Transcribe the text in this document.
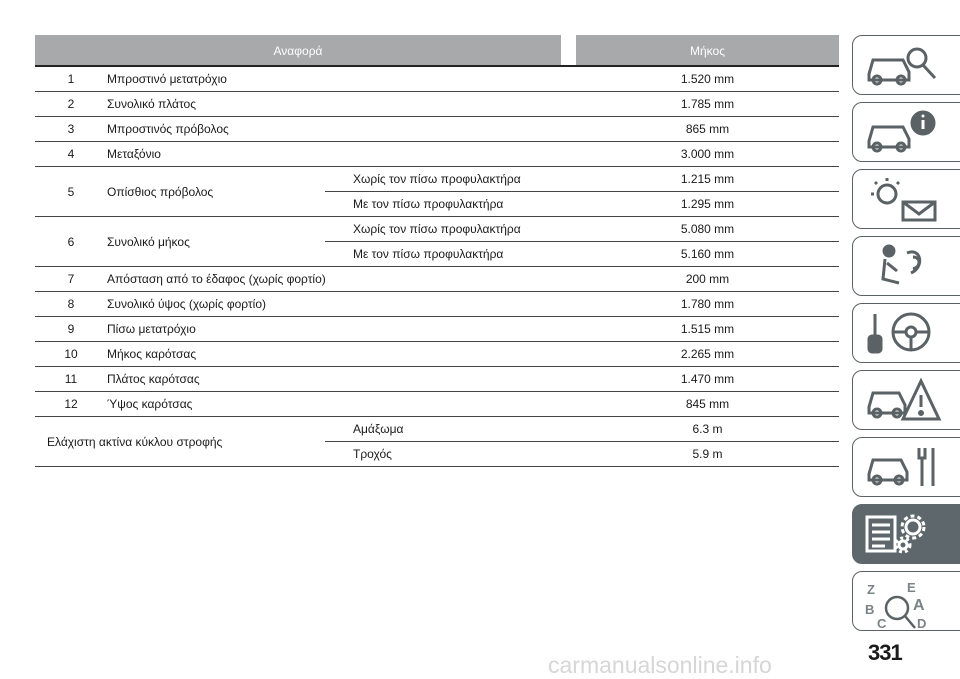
Αναφορά	Μήκος
1	Μπροστινό μετατρόχιο	1.520 mm
2	Συνολικό πλάτος	1.785 mm
3	Μπροστινός πρόβολος	865 mm
4	Μεταξόνιο	3.000 mm
5	Οπίσθιος πρόβολος
Χωρίς τον πίσω προφυλακτήρα	1.215 mm
Με τον πίσω προφυλακτήρα	1.295 mm
6	Συνολικό μήκος
Χωρίς τον πίσω προφυλακτήρα	5.080 mm
Με τον πίσω προφυλακτήρα	5.160 mm
7	Απόσταση από το έδαφος (χωρίς φορτίο)	200 mm
8	Συνολικό ύψος (χωρίς φορτίο)	1.780 mm
9	Πίσω μετατρόχιο	1.515 mm
10	Μήκος καρότσας	2.265 mm
11	Πλάτος καρότσας	1.470 mm
12	Ύψος καρότσας	845 mm
Ελάχιστη ακτίνα κύκλου στροφής
Αμάξωμα	6.3 m
Τροχός	5.9 m
Z E
B A
C D
331
carmanualsonline.info
